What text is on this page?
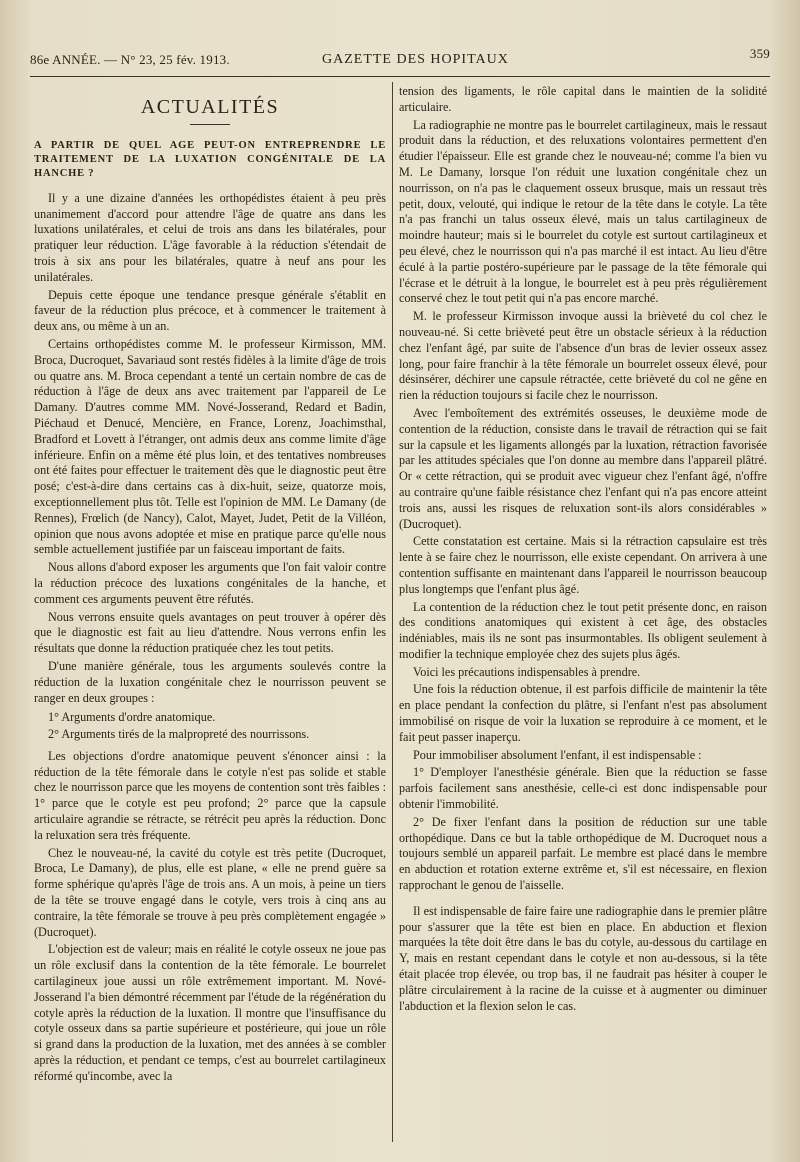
86e ANNÉE. — N° 23, 25 fév. 1913.	GAZETTE DES HOPITAUX	359
ACTUALITÉS
A PARTIR DE QUEL AGE PEUT-ON ENTREPRENDRE LE TRAITEMENT DE LA LUXATION CONGÉNITALE DE LA HANCHE ?

Il y a une dizaine d'années les orthopédistes étaient à peu près unanimement d'accord pour attendre l'âge de quatre ans dans les luxations unilatérales, et celui de trois ans dans les bilatérales, pour pratiquer leur réduction. L'âge favorable à la réduction s'étendait de trois à six ans pour les bilatérales, quatre à neuf ans pour les unilatérales.

Depuis cette époque une tendance presque générale s'établit en faveur de la réduction plus précoce, et à commencer le traitement à deux ans, ou même à un an.

Certains orthopédistes comme M. le professeur Kirmisson, MM. Broca, Ducroquet, Savariaud sont restés fidèles à la limite d'âge de trois ou quatre ans. M. Broca cependant a tenté un certain nombre de cas de réduction à l'âge de deux ans avec traitement par l'appareil de Le Damany. D'autres comme MM. Nové-Josserand, Redard et Badin, Piéchaud et Denucé, Mencière, en France, Lorenz, Joachimsthal, Bradford et Lovett à l'étranger, ont admis deux ans comme limite d'âge inférieure. Enfin on a même été plus loin, et des tentatives nombreuses ont été faites pour effectuer le traitement dès que le diagnostic peut être posé; c'est-à-dire dans certains cas à dix-huit, seize, quatorze mois, exceptionnellement plus tôt. Telle est l'opinion de MM. Le Damany (de Rennes), Frœlich (de Nancy), Calot, Mayet, Judet, Petit de la Villéon, opinion que nous avons adoptée et mise en pratique parce qu'elle nous semble actuellement justifiée par un faisceau important de faits.

Nous allons d'abord exposer les arguments que l'on fait valoir contre la réduction précoce des luxations congénitales de la hanche, et comment ces arguments peuvent être réfutés.

Nous verrons ensuite quels avantages on peut trouver à opérer dès que le diagnostic est fait au lieu d'attendre. Nous verrons enfin les résultats que donne la réduction pratiquée chez les tout petits.

D'une manière générale, tous les arguments soulevés contre la réduction de la luxation congénitale chez le nourrisson peuvent se ranger en deux groupes :

1° Arguments d'ordre anatomique.
2° Arguments tirés de la malpropreté des nourrissons.

Les objections d'ordre anatomique peuvent s'énoncer ainsi : la réduction de la tête fémorale dans le cotyle n'est pas solide et stable chez le nourrisson parce que les moyens de contention sont très faibles : 1° parce que le cotyle est peu profond; 2° parce que la capsule articulaire agrandie se rétracte, se rétrécit peu après la réduction. Donc la reluxation sera très fréquente.

Chez le nouveau-né, la cavité du cotyle est très petite (Ducroquet, Broca, Le Damany), de plus, elle est plane, « elle ne prend guère sa forme sphérique qu'après l'âge de trois ans. A un mois, à peine un tiers de la tête se trouve engagé dans le cotyle, vers trois à cinq ans au contraire, la tête fémorale se trouve à peu près complètement engagée » (Ducroquet).

L'objection est de valeur; mais en réalité le cotyle osseux ne joue pas un rôle exclusif dans la contention de la tête fémorale. Le bourrelet cartilagineux joue aussi un rôle extrêmement important. M. Nové-Josserand l'a bien démontré récemment par l'étude de la régénération du cotyle après la réduction de la luxation. Il montre que l'insuffisance du cotyle osseux dans sa partie supérieure et postérieure, qui joue un rôle si grand dans la production de la luxation, met des années à se combler après la réduction, et pendant ce temps, c'est au bourrelet cartilagineux réformé qu'incombe, avec la

tension des ligaments, le rôle capital dans le maintien de la solidité articulaire.

La radiographie ne montre pas le bourrelet cartilagineux, mais le ressaut produit dans la réduction, et des reluxations volontaires permettent d'en étudier l'épaisseur. Elle est grande chez le nouveau-né; comme l'a bien vu M. Le Damany, lorsque l'on réduit une luxation congénitale chez un nourrisson, on n'a pas le claquement osseux brusque, mais un ressaut très petit, doux, velouté, qui indique le retour de la tête dans le cotyle. La tête n'a pas franchi un talus osseux élevé, mais un talus cartilagineux de moindre hauteur; mais si le bourrelet du cotyle est surtout cartilagineux et peu élevé, chez le nourrisson qui n'a pas marché il est intact. Au lieu d'être éculé à la partie postéro-supérieure par le passage de la tête fémorale qui l'écrase et le détruit à la longue, le bourrelet est à peu près régulièrement conservé chez le tout petit qui n'a pas encore marché.

M. le professeur Kirmisson invoque aussi la brièveté du col chez le nouveau-né. Si cette brièveté peut être un obstacle sérieux à la réduction chez l'enfant âgé, par suite de l'absence d'un bras de levier osseux assez long, pour faire franchir à la tête fémorale un bourrelet osseux élevé, pour désinsérer, déchirer une capsule rétractée, cette brièveté du col ne gêne en rien la réduction toujours si facile chez le nourrisson.

Avec l'emboîtement des extrémités osseuses, le deuxième mode de contention de la réduction, consiste dans le travail de rétraction qui se fait sur la capsule et les ligaments allongés par la luxation, rétraction favorisée par les attitudes spéciales que l'on donne au membre dans l'appareil plâtré. Or « cette rétraction, qui se produit avec vigueur chez l'enfant âgé, n'offre au contraire qu'une faible résistance chez l'enfant qui n'a pas encore atteint trois ans, aussi les risques de reluxation sont-ils alors considérables » (Ducroquet).

Cette constatation est certaine. Mais si la rétraction capsulaire est très lente à se faire chez le nourrisson, elle existe cependant. On arrivera à une contention suffisante en maintenant dans l'appareil le nourrisson beaucoup plus longtemps que l'enfant plus âgé.

La contention de la réduction chez le tout petit présente donc, en raison des conditions anatomiques qui existent à cet âge, des obstacles indéniables, mais ils ne sont pas insurmontables. Ils obligent seulement à modifier la technique employée chez des sujets plus âgés.

Voici les précautions indispensables à prendre.

Une fois la réduction obtenue, il est parfois difficile de maintenir la tête en place pendant la confection du plâtre, si l'enfant n'est pas absolument immobilisé on risque de voir la luxation se reproduire à ce moment, et le fait peut passer inaperçu.

Pour immobiliser absolument l'enfant, il est indispensable :

1° D'employer l'anesthésie générale. Bien que la réduction se fasse parfois facilement sans anesthésie, celle-ci est donc indispensable pour obtenir l'immobilité.

2° De fixer l'enfant dans la position de réduction sur une table orthopédique. Dans ce but la table orthopédique de M. Ducroquet nous a toujours semblé un appareil parfait. Le membre est placé dans le membre en abduction et rotation externe extrême et, s'il est nécessaire, en flexion rapprochant le genou de l'aisselle.

Il est indispensable de faire faire une radiographie dans le premier plâtre pour s'assurer que la tête est bien en place. En abduction et flexion marquées la tête doit être dans le bas du cotyle, au-dessous du cartilage en Y, mais en restant cependant dans le cotyle et non au-dessous, si la tête était placée trop élevée, ou trop bas, il ne faudrait pas hésiter à couper le plâtre circulairement à la racine de la cuisse et à augmenter ou diminuer l'abduction et la flexion selon le cas.
